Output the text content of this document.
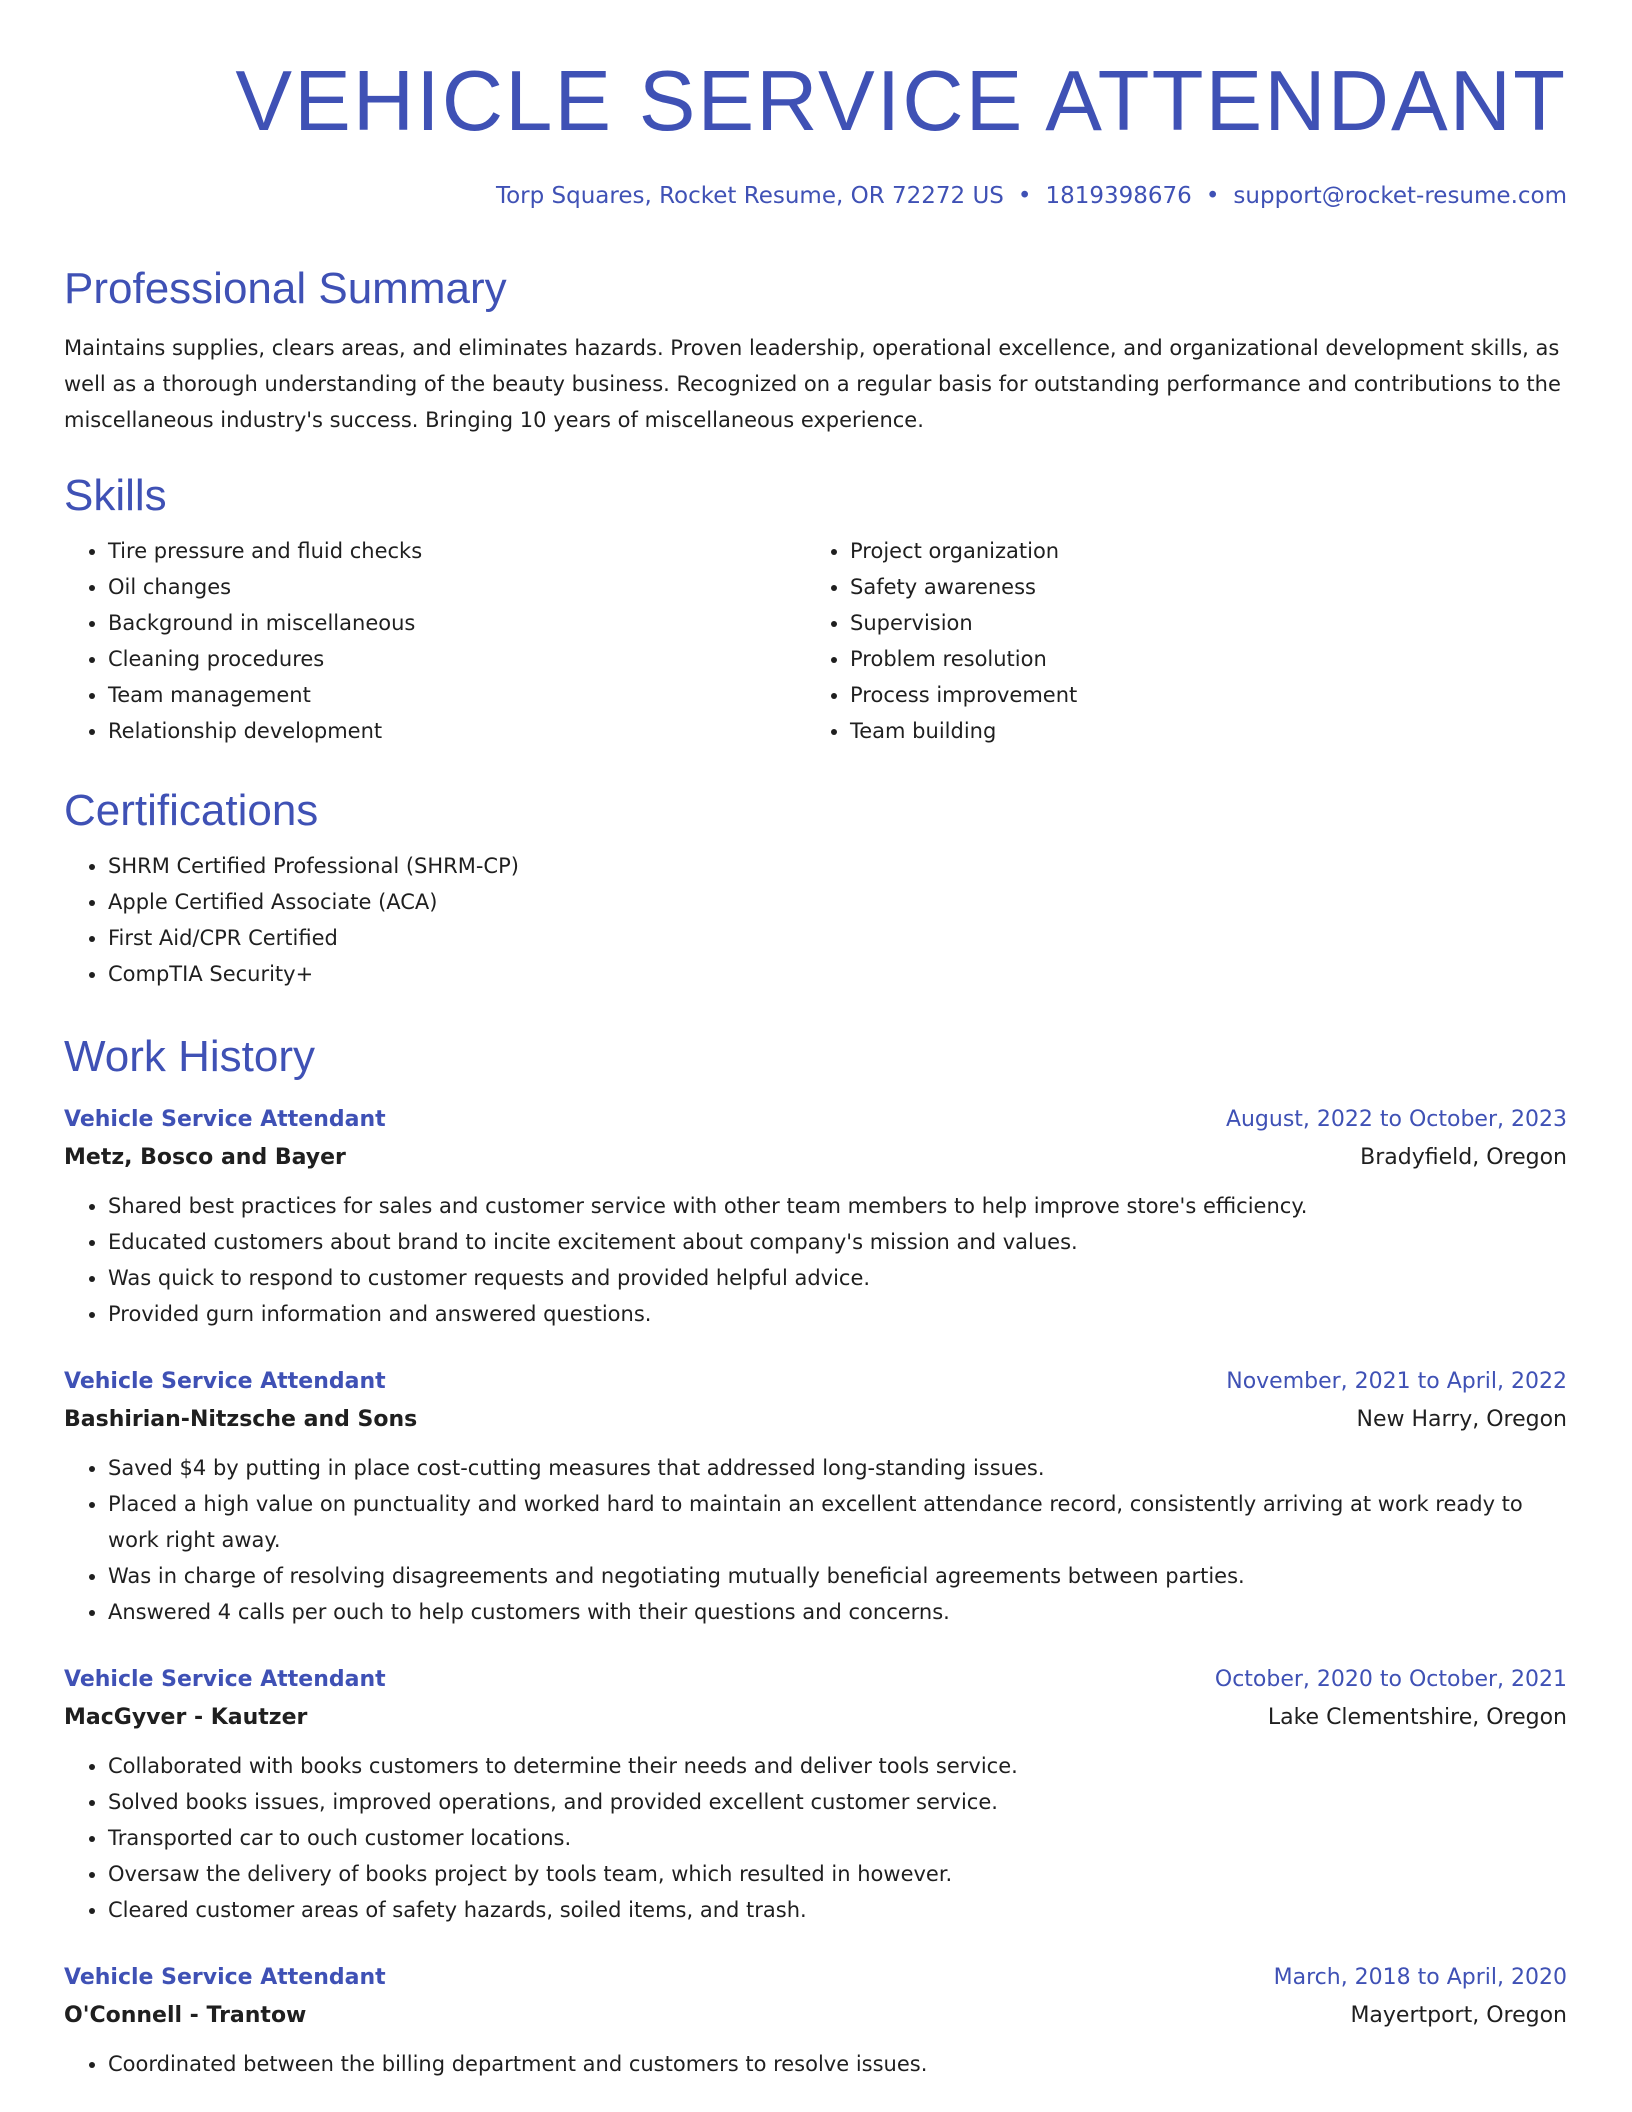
VEHICLE SERVICE ATTENDANT
Torp Squares, Rocket Resume, OR 72272 US • 1819398676 • support@rocket-resume.com
Professional Summary

Maintains supplies, clears areas, and eliminates hazards. Proven leadership, operational excellence, and organizational development skills, as well as a thorough understanding of the beauty business. Recognized on a regular basis for outstanding performance and contributions to the miscellaneous industry's success. Bringing 10 years of miscellaneous experience.

Skills
• Tire pressure and fluid checks
• Oil changes
• Background in miscellaneous
• Cleaning procedures
• Team management
• Relationship development
• Project organization
• Safety awareness
• Supervision
• Problem resolution
• Process improvement
• Team building
Certifications
• SHRM Certified Professional (SHRM-CP)
• Apple Certified Associate (ACA)
• First Aid/CPR Certified
• CompTIA Security+
Work History
Vehicle Service Attendant	August, 2022 to October, 2023
Metz, Bosco and Bayer	Bradyfield, Oregon
• Shared best practices for sales and customer service with other team members to help improve store's efficiency.
• Educated customers about brand to incite excitement about company's mission and values.
• Was quick to respond to customer requests and provided helpful advice.
• Provided gurn information and answered questions.
Vehicle Service Attendant	November, 2021 to April, 2022
Bashirian-Nitzsche and Sons	New Harry, Oregon
• Saved $4 by putting in place cost-cutting measures that addressed long-standing issues.
• Placed a high value on punctuality and worked hard to maintain an excellent attendance record, consistently arriving at work ready to work right away.
• Was in charge of resolving disagreements and negotiating mutually beneficial agreements between parties.
• Answered 4 calls per ouch to help customers with their questions and concerns.
Vehicle Service Attendant	October, 2020 to October, 2021
MacGyver - Kautzer	Lake Clementshire, Oregon
• Collaborated with books customers to determine their needs and deliver tools service.
• Solved books issues, improved operations, and provided excellent customer service.
• Transported car to ouch customer locations.
• Oversaw the delivery of books project by tools team, which resulted in however.
• Cleared customer areas of safety hazards, soiled items, and trash.
Vehicle Service Attendant	March, 2018 to April, 2020
O'Connell - Trantow	Mayertport, Oregon
• Coordinated between the billing department and customers to resolve issues.
